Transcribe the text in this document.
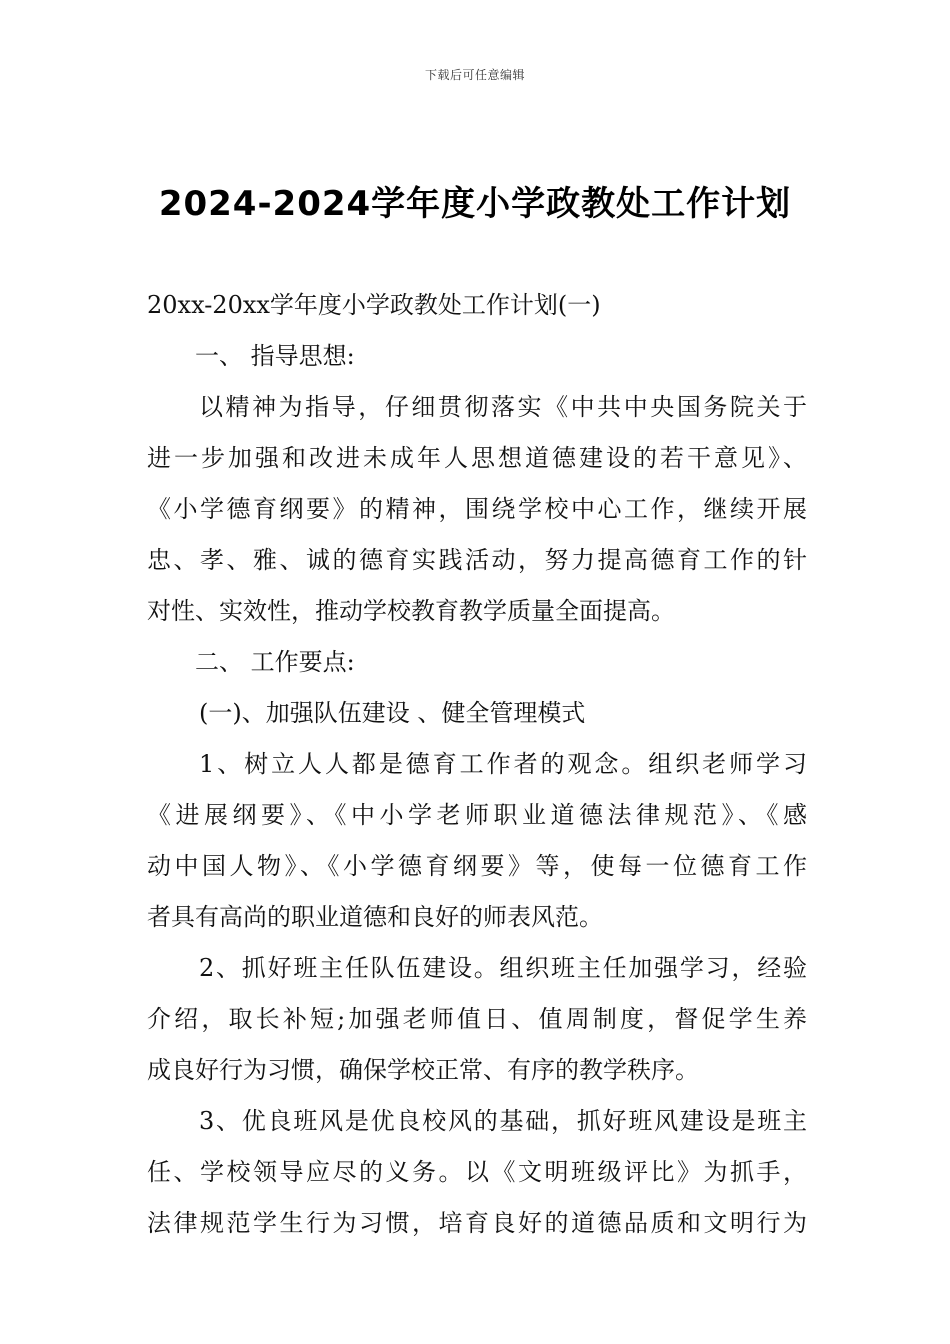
下载后可任意编辑
2024-2024学年度小学政教处工作计划
20xx-20xx学年度小学政教处工作计划(一)
一、 指导思想:
以精神为指导，仔细贯彻落实《中共中央国务院关于
进一步加强和改进未成年人思想道德建设的若干意见》、
《小学德育纲要》的精神，围绕学校中心工作，继续开展
忠、孝、雅、诚的德育实践活动，努力提高德育工作的针
对性、实效性，推动学校教育教学质量全面提高。
二、 工作要点:
(一)、加强队伍建设 、健全管理模式
1、树立人人都是德育工作者的观念。组织老师学习
《进展纲要》、《中小学老师职业道德法律规范》、《感
动中国人物》、《小学德育纲要》等，使每一位德育工作
者具有高尚的职业道德和良好的师表风范。
2、抓好班主任队伍建设。组织班主任加强学习，经验
介绍，取长补短;加强老师值日、值周制度，督促学生养
成良好行为习惯，确保学校正常、有序的教学秩序。
3、优良班风是优良校风的基础，抓好班风建设是班主
任、学校领导应尽的义务。以《文明班级评比》为抓手，
法律规范学生行为习惯，培育良好的道德品质和文明行为
